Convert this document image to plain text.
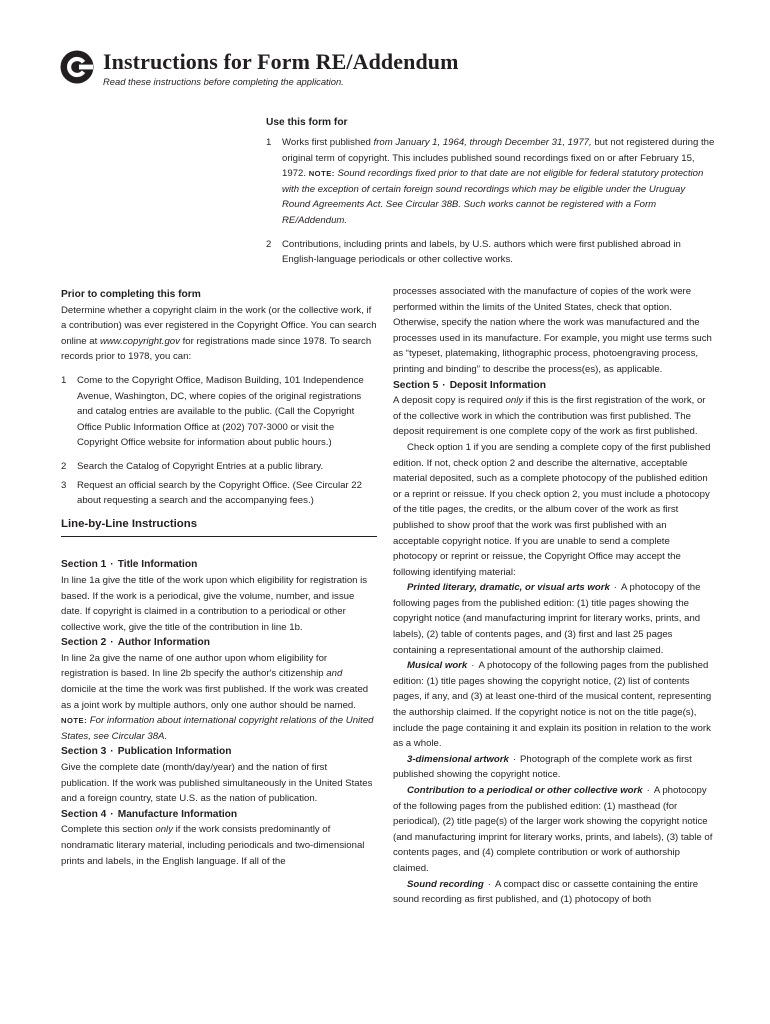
Instructions for Form RE/Addendum

Read these instructions before completing the application.

Use this form for
1 Works first published from January 1, 1964, through December 31, 1977, but not registered during the original term of copyright. This includes published sound recordings fixed on or after February 15, 1972. NOTE: Sound recordings fixed prior to that date are not eligible for federal statutory protection with the exception of certain foreign sound recordings which may be eligible under the Uruguay Round Agreements Act. See Circular 38B. Such works cannot be registered with a Form RE/Addendum.
2 Contributions, including prints and labels, by U.S. authors which were first published abroad in English-language periodicals or other collective works.
Prior to completing this form

Determine whether a copyright claim in the work (or the collective work, if a contribution) was ever registered in the Copyright Office. You can search online at www.copyright.gov for registrations made since 1978. To search records prior to 1978, you can:

1 Come to the Copyright Office, Madison Building, 101 Independence Avenue, Washington, DC, where copies of the original registrations and catalog entries are available to the public. (Call the Copyright Office Public Information Office at (202) 707-3000 or visit the Copyright Office website for information about public hours.)
2 Search the Catalog of Copyright Entries at a public library.
3 Request an official search by the Copyright Office. (See Circular 22 about requesting a search and the accompanying fees.)
Line-by-Line Instructions
Section 1 · Title Information

In line 1a give the title of the work upon which eligibility for registration is based. If the work is a periodical, give the volume, number, and issue date. If copyright is claimed in a contribution to a periodical or other collective work, give the title of the contribution in line 1b.

Section 2 · Author Information

In line 2a give the name of one author upon whom eligibility for registration is based. In line 2b specify the author's citizenship and domicile at the time the work was first published. If the work was created as a joint work by multiple authors, only one author should be named. NOTE: For information about international copyright relations of the United States, see Circular 38A.

Section 3 · Publication Information

Give the complete date (month/day/year) and the nation of first publication. If the work was published simultaneously in the United States and a foreign country, state U.S. as the nation of publication.

Section 4 · Manufacture Information

Complete this section only if the work consists predominantly of nondramatic literary material, including periodicals and two-dimensional prints and labels, in the English language. If all of the

processes associated with the manufacture of copies of the work were performed within the limits of the United States, check that option. Otherwise, specify the nation where the work was manufactured and the processes used in its manufacture. For example, you might use terms such as “typeset, platemaking, lithographic process, photoengraving process, printing and binding” to describe the process(es), as applicable.

Section 5 · Deposit Information

A deposit copy is required only if this is the first registration of the work, or of the collective work in which the contribution was first published. The deposit requirement is one complete copy of the work as first published.

Check option 1 if you are sending a complete copy of the first published edition. If not, check option 2 and describe the alternative, acceptable material deposited, such as a complete photocopy of the published edition or a reprint or reissue. If you check option 2, you must include a photocopy of the title pages, the credits, or the album cover of the work as first published to show proof that the work was first published with an acceptable copyright notice. If you are unable to send a complete photocopy or reprint or reissue, the Copyright Office may accept the following identifying material:

Printed literary, dramatic, or visual arts work · A photocopy of the following pages from the published edition: (1) title pages showing the copyright notice (and manufacturing imprint for literary works, prints, and labels), (2) table of contents pages, and (3) first and last 25 pages containing a representational amount of the authorship claimed.

Musical work · A photocopy of the following pages from the published edition: (1) title pages showing the copyright notice, (2) list of contents pages, if any, and (3) at least one-third of the musical content, representing the authorship claimed. If the copyright notice is not on the title page(s), include the page containing it and explain its position in relation to the work as a whole.

3-dimensional artwork · Photograph of the complete work as first published showing the copyright notice.

Contribution to a periodical or other collective work · A photocopy of the following pages from the published edition: (1) masthead (for periodical), (2) title page(s) of the larger work showing the copyright notice (and manufacturing imprint for literary works, prints, and labels), (3) table of contents pages, and (4) complete contribution or work of authorship claimed.

Sound recording · A compact disc or cassette containing the entire sound recording as first published, and (1) photocopy of both
